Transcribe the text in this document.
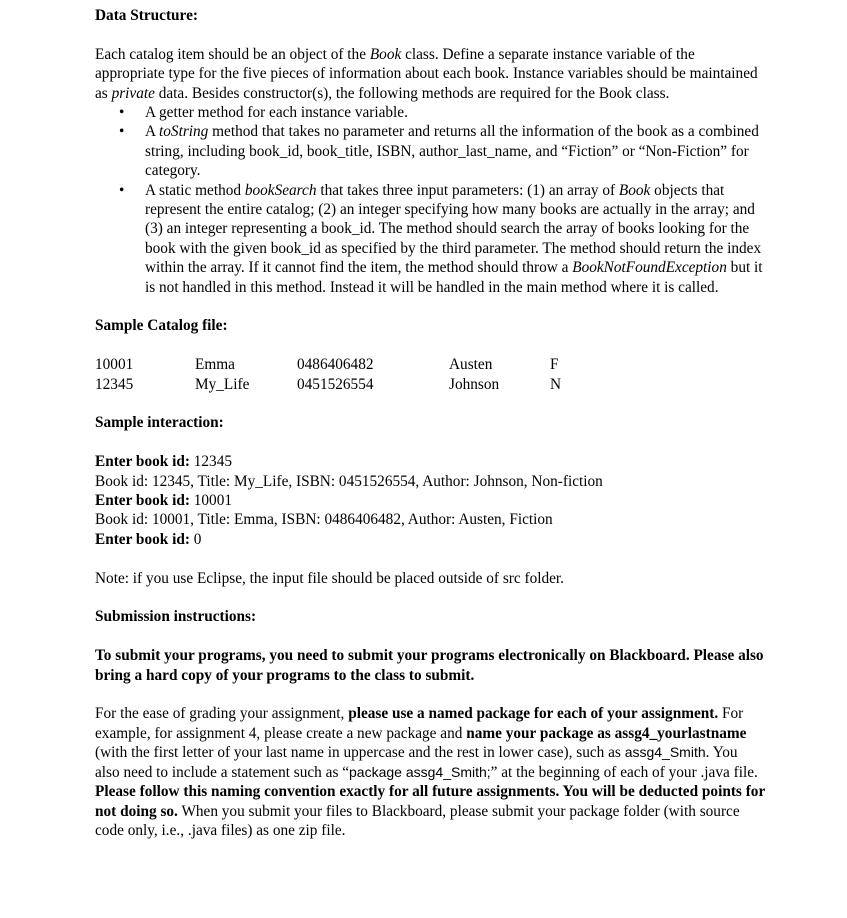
Data Structure:

Each catalog item should be an object of the Book class. Define a separate instance variable of the appropriate type for the five pieces of information about each book. Instance variables should be maintained as private data. Besides constructor(s), the following methods are required for the Book class.

• A getter method for each instance variable.
• A toString method that takes no parameter and returns all the information of the book as a combined string, including book_id, book_title, ISBN, author_last_name, and “Fiction” or “Non-Fiction” for category.
• A static method bookSearch that takes three input parameters: (1) an array of Book objects that represent the entire catalog; (2) an integer specifying how many books are actually in the array; and (3) an integer representing a book_id. The method should search the array of books looking for the book with the given book_id as specified by the third parameter. The method should return the index within the array. If it cannot find the item, the method should throw a BookNotFoundException but it is not handled in this method. Instead it will be handled in the main method where it is called.

Sample Catalog file:

10001	Emma	0486406482	Austen	F
12345	My_Life	0451526554	Johnson	N

Sample interaction:

Enter book id: 12345

Book id: 12345, Title: My_Life, ISBN: 0451526554, Author: Johnson, Non-fiction

Enter book id: 10001

Book id: 10001, Title: Emma, ISBN: 0486406482, Author: Austen, Fiction

Enter book id: 0

Note: if you use Eclipse, the input file should be placed outside of src folder.

Submission instructions:

To submit your programs, you need to submit your programs electronically on Blackboard. Please also bring a hard copy of your programs to the class to submit.

For the ease of grading your assignment, please use a named package for each of your assignment. For example, for assignment 4, please create a new package and name your package as assg4_yourlastname (with the first letter of your last name in uppercase and the rest in lower case), such as assg4_Smith. You also need to include a statement such as “package assg4_Smith;” at the beginning of each of your .java file. Please follow this naming convention exactly for all future assignments. You will be deducted points for not doing so. When you submit your files to Blackboard, please submit your package folder (with source code only, i.e., .java files) as one zip file.
